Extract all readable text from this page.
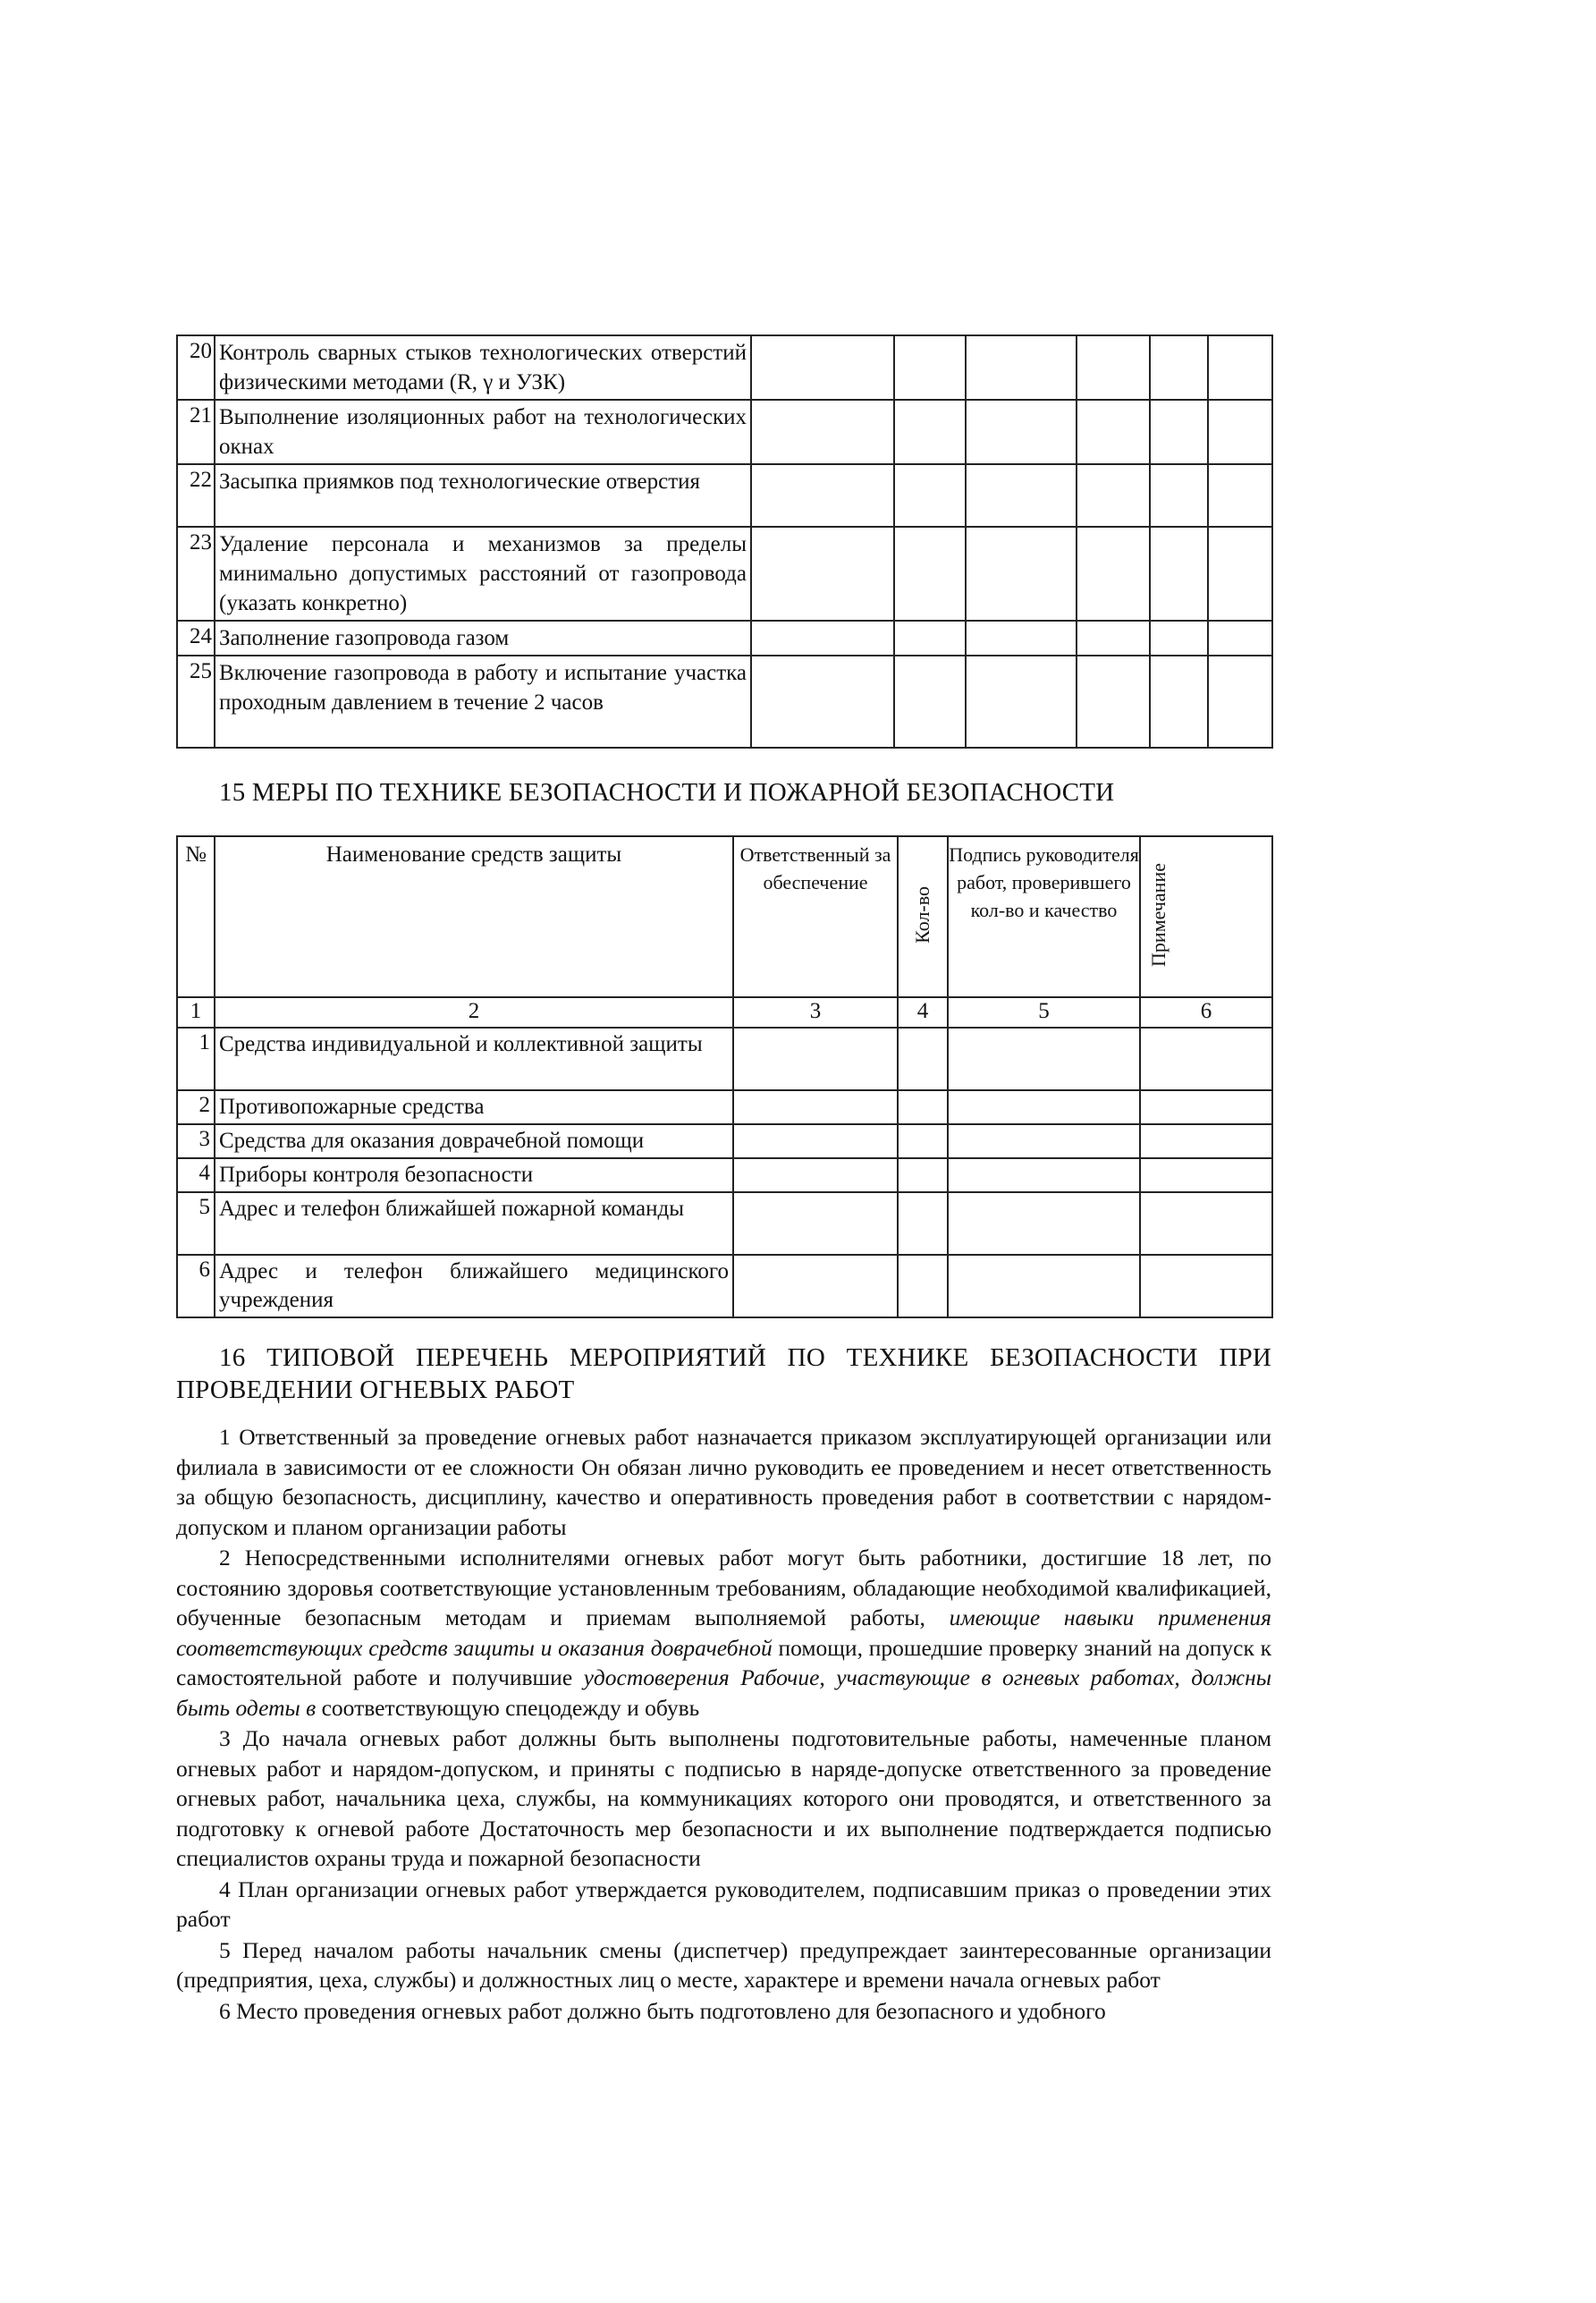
20	Контроль сварных стыков технологических отверстий физическими методами (R, γ и УЗК)						
21	Выполнение изоляционных работ на технологических окнах						
22	Засыпка приямков под технологические отверстия						
23	Удаление персонала и механизмов за пределы минимально допустимых расстояний от газопровода (указать конкретно)						
24	Заполнение газопровода газом						
25	Включение газопровода в работу и испытание участка проходным давлением в течение 2 часов						
15 МЕРЫ ПО ТЕХНИКЕ БЕЗОПАСНОСТИ И ПОЖАРНОЙ БЕЗОПАСНОСТИ
№	Наименование средств защиты	Ответственный за обеспечение	Кол-во	Подпись руководителя работ, проверившего кол-во и качество	Примечание
1	2	3	4	5	6
1	Средства индивидуальной и коллективной защиты				
2	Противопожарные средства				
3	Средства для оказания доврачебной помощи				
4	Приборы контроля безопасности				
5	Адрес и телефон ближайшей пожарной команды				
6	Адрес и телефон ближайшего медицинского учреждения				
16 ТИПОВОЙ ПЕРЕЧЕНЬ МЕРОПРИЯТИЙ ПО ТЕХНИКЕ БЕЗОПАСНОСТИ ПРИ ПРОВЕДЕНИИ ОГНЕВЫХ РАБОТ

1 Ответственный за проведение огневых работ назначается приказом эксплуатирующей организации или филиала в зависимости от ее сложности Он обязан лично руководить ее проведением и несет ответственность за общую безопасность, дисциплину, качество и оперативность проведения работ в соответствии с нарядом-допуском и планом организации работы

2 Непосредственными исполнителями огневых работ могут быть работники, достигшие 18 лет, по состоянию здоровья соответствующие установленным требованиям, обладающие необходимой квалификацией, обученные безопасным методам и приемам выполняемой работы, имеющие навыки применения соответствующих средств защиты и оказания доврачебной помощи, прошедшие проверку знаний на допуск к самостоятельной работе и получившие удостоверения Рабочие, участвующие в огневых работах, должны быть одеты в соответствующую спецодежду и обувь

3 До начала огневых работ должны быть выполнены подготовительные работы, намеченные планом огневых работ и нарядом-допуском, и приняты с подписью в наряде-допуске ответственного за проведение огневых работ, начальника цеха, службы, на коммуникациях которого они проводятся, и ответственного за подготовку к огневой работе Достаточность мер безопасности и их выполнение подтверждается подписью специалистов охраны труда и пожарной безопасности

4 План организации огневых работ утверждается руководителем, подписавшим приказ о проведении этих работ

5 Перед началом работы начальник смены (диспетчер) предупреждает заинтересованные организации (предприятия, цеха, службы) и должностных лиц о месте, характере и времени начала огневых работ

6 Место проведения огневых работ должно быть подготовлено для безопасного и удобного
